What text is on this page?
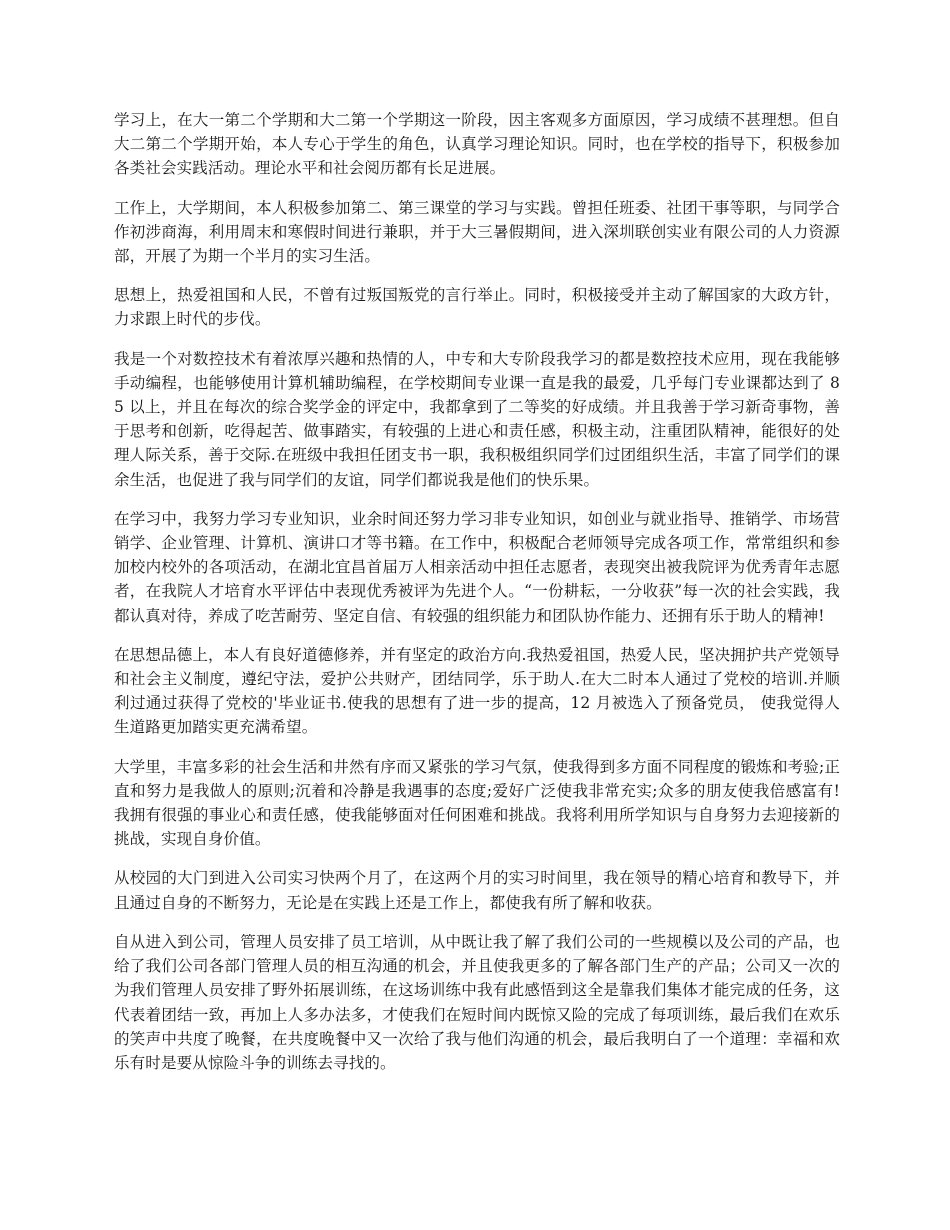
学习上，在大一第二个学期和大二第一个学期这一阶段，因主客观多方面原因，学习成绩不甚理想。但自大二第二个学期开始，本人专心于学生的角色，认真学习理论知识。同时，也在学校的指导下，积极参加各类社会实践活动。理论水平和社会阅历都有长足进展。

工作上，大学期间，本人积极参加第二、第三课堂的学习与实践。曾担任班委、社团干事等职，与同学合作初涉商海，利用周末和寒假时间进行兼职，并于大三暑假期间，进入深圳联创实业有限公司的人力资源部，开展了为期一个半月的实习生活。

思想上，热爱祖国和人民，不曾有过叛国叛党的言行举止。同时，积极接受并主动了解国家的大政方针，力求跟上时代的步伐。

我是一个对数控技术有着浓厚兴趣和热情的人，中专和大专阶段我学习的都是数控技术应用，现在我能够手动编程，也能够使用计算机辅助编程，在学校期间专业课一直是我的最爱，几乎每门专业课都达到了 85 以上，并且在每次的综合奖学金的评定中，我都拿到了二等奖的好成绩。并且我善于学习新奇事物，善于思考和创新，吃得起苦、做事踏实，有较强的上进心和责任感，积极主动，注重团队精神，能很好的处理人际关系，善于交际.在班级中我担任团支书一职，我积极组织同学们过团组织生活，丰富了同学们的课余生活，也促进了我与同学们的友谊，同学们都说我是他们的快乐果。

在学习中，我努力学习专业知识，业余时间还努力学习非专业知识，如创业与就业指导、推销学、市场营销学、企业管理、计算机、演讲口才等书籍。在工作中，积极配合老师领导完成各项工作，常常组织和参加校内校外的各项活动，在湖北宜昌首届万人相亲活动中担任志愿者，表现突出被我院评为优秀青年志愿者，在我院人才培育水平评估中表现优秀被评为先进个人。“一份耕耘，一分收获”每一次的社会实践，我都认真对待，养成了吃苦耐劳、坚定自信、有较强的组织能力和团队协作能力、还拥有乐于助人的精神!

在思想品德上，本人有良好道德修养，并有坚定的政治方向.我热爱祖国，热爱人民，坚决拥护共产党领导和社会主义制度，遵纪守法，爱护公共财产，团结同学，乐于助人.在大二时本人通过了党校的培训.并顺利过通过获得了党校的'毕业证书.使我的思想有了进一步的提高，12 月被选入了预备党员， 使我觉得人生道路更加踏实更充满希望。

大学里，丰富多彩的社会生活和井然有序而又紧张的学习气氛，使我得到多方面不同程度的锻炼和考验;正直和努力是我做人的原则;沉着和冷静是我遇事的态度;爱好广泛使我非常充实;众多的朋友使我倍感富有!我拥有很强的事业心和责任感，使我能够面对任何困难和挑战。我将利用所学知识与自身努力去迎接新的挑战，实现自身价值。

从校园的大门到进入公司实习快两个月了，在这两个月的实习时间里，我在领导的精心培育和教导下，并且通过自身的不断努力，无论是在实践上还是工作上，都使我有所了解和收获。

自从进入到公司，管理人员安排了员工培训，从中既让我了解了我们公司的一些规模以及公司的产品，也给了我们公司各部门管理人员的相互沟通的机会，并且使我更多的了解各部门生产的产品；公司又一次的为我们管理人员安排了野外拓展训练，在这场训练中我有此感悟到这全是靠我们集体才能完成的任务，这代表着团结一致，再加上人多办法多，才使我们在短时间内既惊又险的完成了每项训练，最后我们在欢乐的笑声中共度了晚餐，在共度晚餐中又一次给了我与他们沟通的机会，最后我明白了一个道理：幸福和欢乐有时是要从惊险斗争的训练去寻找的。
